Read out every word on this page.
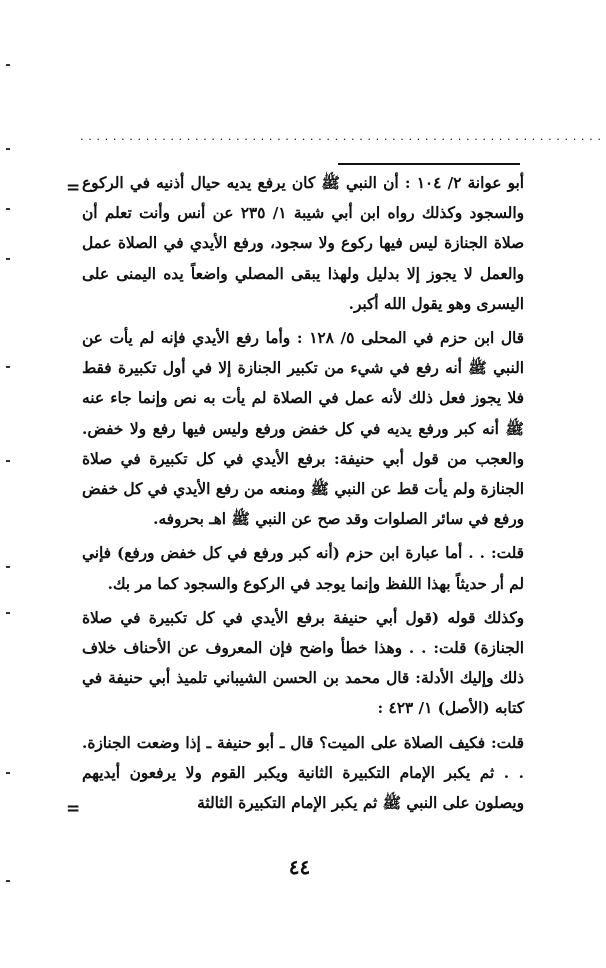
................................................................
=
=

أبو عوانة ٢/ ١٠٤ : أن النبي ﷺ كان يرفع يديه حيال أذنيه في الركوع والسجود وكذلك رواه ابن أبي شيبة ١/ ٢٣٥ عن أنس وأنت تعلم أن صلاة الجنازة ليس فيها ركوع ولا سجود، ورفع الأيدي في الصلاة عمل والعمل لا يجوز إلا بدليل ولهذا يبقى المصلي واضعاً يده اليمنى على اليسرى وهو يقول الله أكبر.

قال ابن حزم في المحلى ٥/ ١٢٨ : وأما رفع الأيدي فإنه لم يأت عن النبي ﷺ أنه رفع في شيء من تكبير الجنازة إلا في أول تكبيرة فقط فلا يجوز فعل ذلك لأنه عمل في الصلاة لم يأت به نص وإنما جاء عنه ﷺ أنه كبر ورفع يديه في كل خفض ورفع وليس فيها رفع ولا خفض. والعجب من قول أبي حنيفة: برفع الأيدي في كل تكبيرة في صلاة الجنازة ولم يأت قط عن النبي ﷺ ومنعه من رفع الأيدي في كل خفض ورفع في سائر الصلوات وقد صح عن النبي ﷺ اهـ بحروفه.

قلت: . . أما عبارة ابن حزم (أنه كبر ورفع في كل خفض ورفع) فإني لم أر حديثاً بهذا اللفظ وإنما يوجد في الركوع والسجود كما مر بك.

وكذلك قوله (قول أبي حنيفة برفع الأيدي في كل تكبيرة في صلاة الجنازة) قلت: . . وهذا خطأ واضح فإن المعروف عن الأحناف خلاف ذلك وإليك الأدلة: قال محمد بن الحسن الشيباني تلميذ أبي حنيفة في كتابه (الأصل) ١/ ٤٢٣ :

قلت: فكيف الصلاة على الميت؟ قال ـ أبو حنيفة ـ إذا وضعت الجنازة. . . ثم يكبر الإمام التكبيرة الثانية ويكبر القوم ولا يرفعون أيديهم ويصلون على النبي ﷺ ثم يكبر الإمام التكبيرة الثالثة

٤٤
